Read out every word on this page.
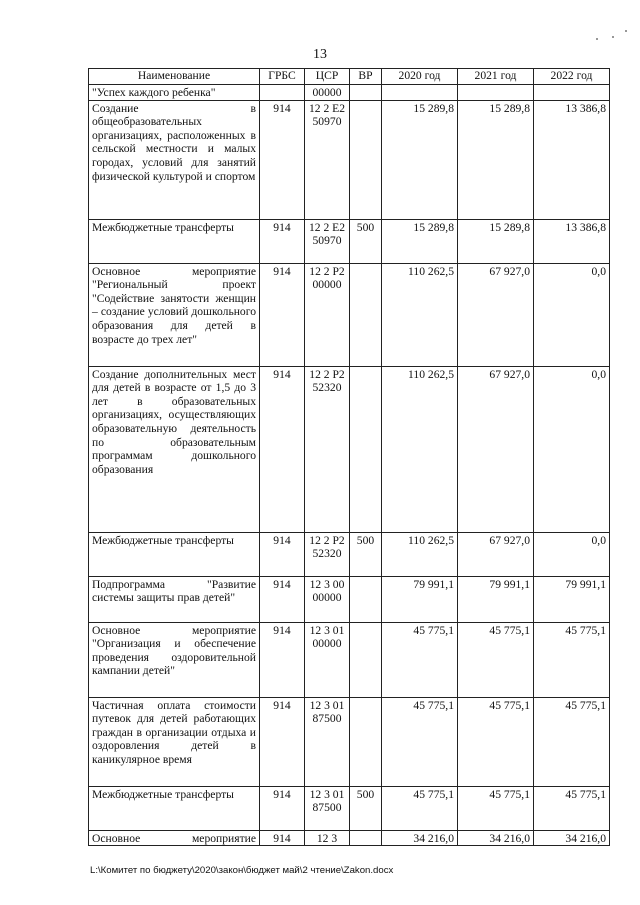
13
Наименование	ГРБС	ЦСР	ВР	2020 год	2021 год	2022 год
"Успех каждого ребенка"		00000				
Создание в общеобразовательных организациях, расположенных в сельской местности и малых городах, условий для занятий физической культурой и спортом	914	12 2 Е2 50970		15 289,8	15 289,8	13 386,8
Межбюджетные трансферты	914	12 2 Е2 50970	500	15 289,8	15 289,8	13 386,8
Основное мероприятие "Региональный проект "Содействие занятости женщин – создание условий дошкольного образования для детей в возрасте до трех лет"	914	12 2 Р2 00000		110 262,5	67 927,0	0,0
Создание дополнительных мест для детей в возрасте от 1,5 до 3 лет в образовательных организациях, осуществляющих образовательную деятельность по образовательным программам дошкольного образования	914	12 2 Р2 52320		110 262,5	67 927,0	0,0
Межбюджетные трансферты	914	12 2 Р2 52320	500	110 262,5	67 927,0	0,0
Подпрограмма "Развитие системы защиты прав детей"	914	12 3 00 00000		79 991,1	79 991,1	79 991,1
Основное мероприятие "Организация и обеспечение проведения оздоровительной кампании детей"	914	12 3 01 00000		45 775,1	45 775,1	45 775,1
Частичная оплата стоимости путевок для детей работающих граждан в организации отдыха и оздоровления детей в каникулярное время	914	12 3 01 87500		45 775,1	45 775,1	45 775,1
Межбюджетные трансферты	914	12 3 01 87500	500	45 775,1	45 775,1	45 775,1
Основное мероприятие	914	12 3		34 216,0	34 216,0	34 216,0
L:\Комитет по бюджету\2020\закон\бюджет май\2 чтение\Zakon.docx
